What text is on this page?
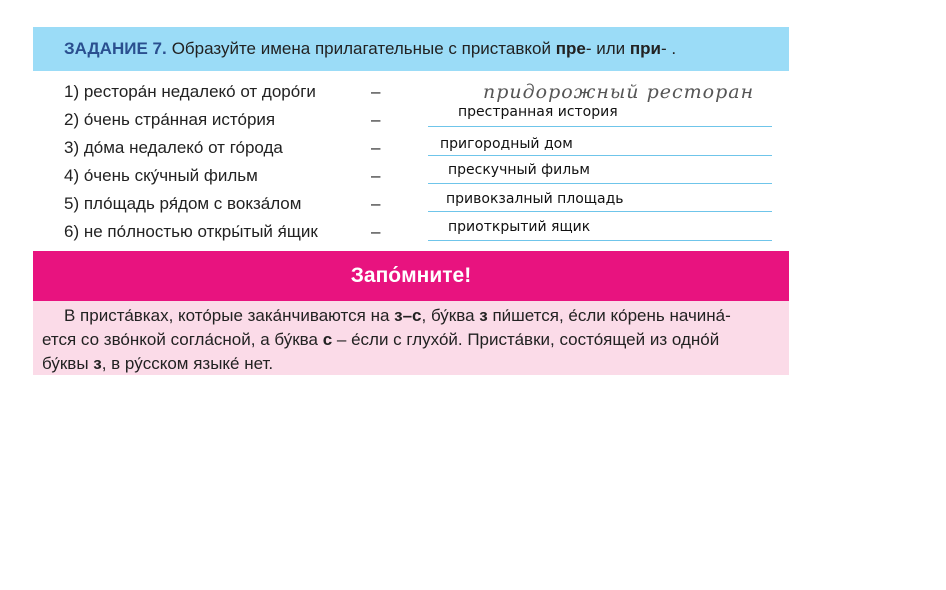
ЗАДАНИЕ 7. Образуйте имена прилагательные с приставкой пре- или при- .
1) рестора́н недалеко́ от доро́ги	–	придорожный ресторан
2) о́чень стра́нная исто́рия	–	престранная история
3) до́ма недалеко́ от го́рода	–	пригородный дом
4) о́чень ску́чный фильм	–	прескучный фильм
5) пло́щадь ря́дом с вокза́лом	–	привокзалный площадь
6) не по́лностью откры́тый я́щик	–	приоткрытий ящик
Запо́мните!
В приста́вках, кото́рые зака́нчиваются на з–с, бу́ква з пи́шется, е́сли ко́рень начина́-
ется со зво́нкой согла́сной, а бу́ква с – е́сли с глухо́й. Приста́вки, состо́ящей из одно́й
бу́квы з, в ру́сском языке́ нет.
